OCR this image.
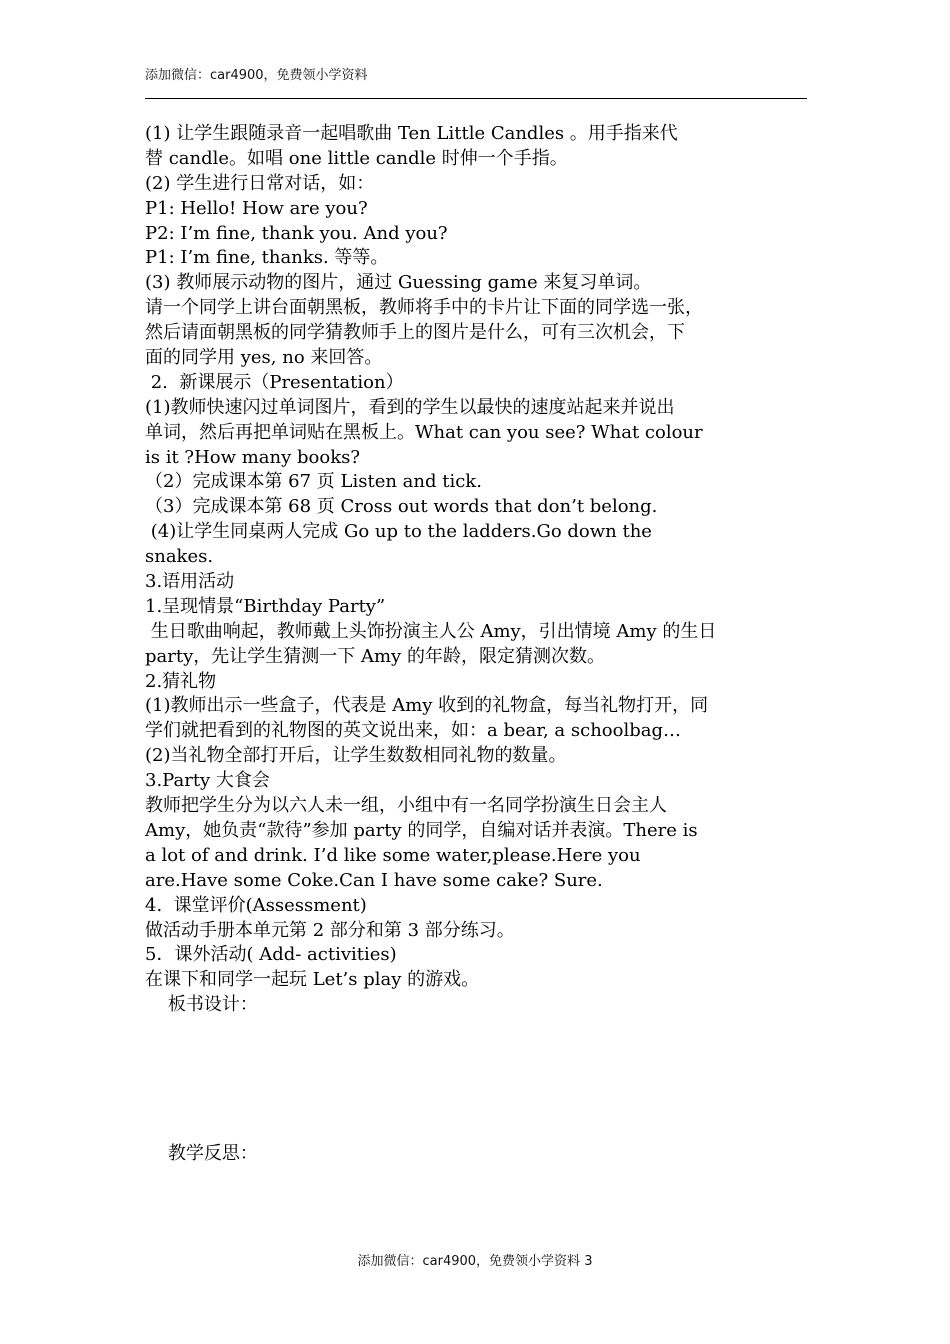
添加微信：car4900，免费领小学资料
(1) 让学生跟随录音一起唱歌曲 Ten Little Candles 。用手指来代
替 candle。如唱 one little candle 时伸一个手指。
(2) 学生进行日常对话，如：
P1: Hello! How are you?
P2: I’m fine, thank you. And you?
P1: I’m fine, thanks. 等等。
(3) 教师展示动物的图片，通过 Guessing game 来复习单词。
请一个同学上讲台面朝黑板，教师将手中的卡片让下面的同学选一张，
然后请面朝黑板的同学猜教师手上的图片是什么，可有三次机会，下
面的同学用 yes, no 来回答。
2.  新课展示（Presentation）
(1)教师快速闪过单词图片，看到的学生以最快的速度站起来并说出
单词，然后再把单词贴在黑板上。What can you see? What colour
is it ?How many books?
（2）完成课本第 67 页 Listen and tick.
（3）完成课本第 68 页 Cross out words that don’t belong.
(4)让学生同桌两人完成 Go up to the ladders.Go down the
snakes.
3.语用活动
1.呈现情景“Birthday Party”
生日歌曲响起，教师戴上头饰扮演主人公 Amy，引出情境 Amy 的生日
party，先让学生猜测一下 Amy 的年龄，限定猜测次数。
2.猜礼物
(1)教师出示一些盒子，代表是 Amy 收到的礼物盒，每当礼物打开，同
学们就把看到的礼物图的英文说出来，如：a bear, a schoolbag…
(2)当礼物全部打开后，让学生数数相同礼物的数量。
3.Party 大食会
教师把学生分为以六人未一组，小组中有一名同学扮演生日会主人
Amy，她负责“款待”参加 party 的同学，自编对话并表演。There is
a lot of and drink. I’d like some water,please.Here you
are.Have some Coke.Can I have some cake? Sure.
4.  课堂评价(Assessment)
做活动手册本单元第 2 部分和第 3 部分练习。
5．课外活动( Add- activities)
在课下和同学一起玩 Let’s play 的游戏。
板书设计：
教学反思：
添加微信：car4900，免费领小学资料 3
